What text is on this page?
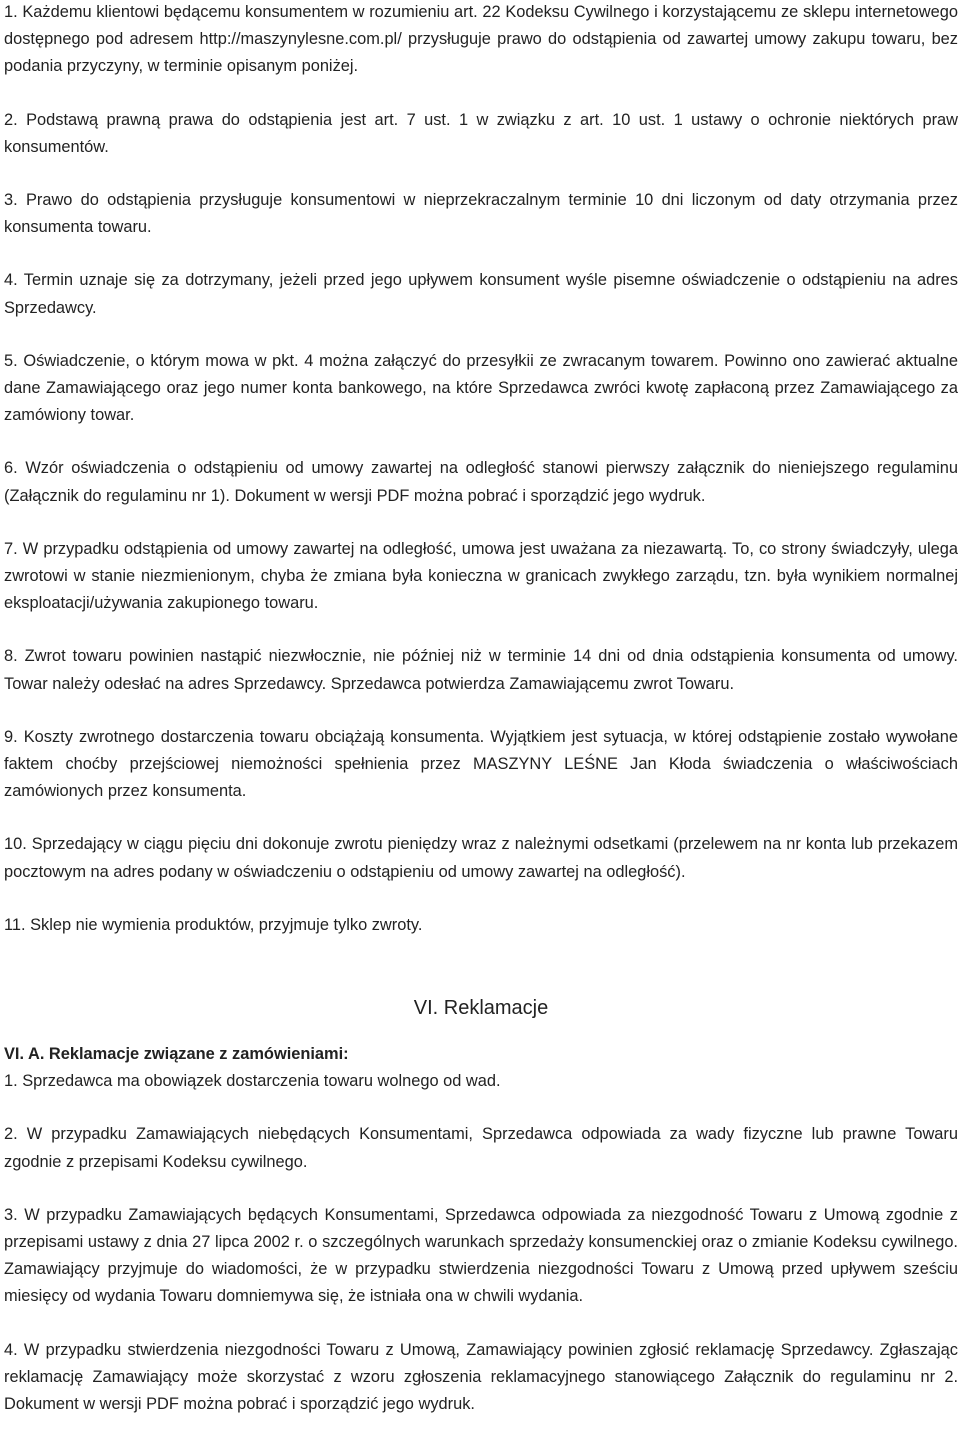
1. Każdemu klientowi będącemu konsumentem w rozumieniu art. 22 Kodeksu Cywilnego i korzystającemu ze sklepu internetowego dostępnego pod adresem http://maszynylesne.com.pl/ przysługuje prawo do odstąpienia od zawartej umowy zakupu towaru, bez podania przyczyny, w terminie opisanym poniżej.

2. Podstawą prawną prawa do odstąpienia jest art. 7 ust. 1 w związku z art. 10 ust. 1 ustawy o ochronie niektórych praw konsumentów.

3. Prawo do odstąpienia przysługuje konsumentowi w nieprzekraczalnym terminie 10 dni liczonym od daty otrzymania przez konsumenta towaru.

4. Termin uznaje się za dotrzymany, jeżeli przed jego upływem konsument wyśle pisemne oświadczenie o odstąpieniu na adres Sprzedawcy.

5. Oświadczenie, o którym mowa w pkt. 4 można załączyć do przesyłkii ze zwracanym towarem. Powinno ono zawierać aktualne dane Zamawiającego oraz jego numer konta bankowego, na które Sprzedawca zwróci kwotę zapłaconą przez Zamawiającego za zamówiony towar.

6. Wzór oświadczenia o odstąpieniu od umowy zawartej na odległość stanowi pierwszy załącznik do nieniejszego regulaminu (Załącznik do regulaminu nr 1). Dokument w wersji PDF można pobrać i sporządzić jego wydruk.

7. W przypadku odstąpienia od umowy zawartej na odległość, umowa jest uważana za niezawartą. To, co strony świadczyły, ulega zwrotowi w stanie niezmienionym, chyba że zmiana była konieczna w granicach zwykłego zarządu, tzn. była wynikiem normalnej eksploatacji/używania zakupionego towaru.

8. Zwrot towaru powinien nastąpić niezwłocznie, nie później niż w terminie 14 dni od dnia odstąpienia konsumenta od umowy. Towar należy odesłać na adres Sprzedawcy. Sprzedawca potwierdza Zamawiającemu zwrot Towaru.

9. Koszty zwrotnego dostarczenia towaru obciążają konsumenta. Wyjątkiem jest sytuacja, w której odstąpienie zostało wywołane faktem choćby przejściowej niemożności spełnienia przez MASZYNY LEŚNE Jan Kłoda świadczenia o właściwościach zamówionych przez konsumenta.

10. Sprzedający w ciągu pięciu dni dokonuje zwrotu pieniędzy wraz z należnymi odsetkami (przelewem na nr konta lub przekazem pocztowym na adres podany w oświadczeniu o odstąpieniu od umowy zawartej na odległość).

11. Sklep nie wymienia produktów, przyjmuje tylko zwroty.

VI. Reklamacje

VI. A. Reklamacje związane z zamówieniami:

1. Sprzedawca ma obowiązek dostarczenia towaru wolnego od wad.

2. W przypadku Zamawiających niebędących Konsumentami, Sprzedawca odpowiada za wady fizyczne lub prawne Towaru zgodnie z przepisami Kodeksu cywilnego.

3. W przypadku Zamawiających będących Konsumentami, Sprzedawca odpowiada za niezgodność Towaru z Umową zgodnie z przepisami ustawy z dnia 27 lipca 2002 r. o szczególnych warunkach sprzedaży konsumenckiej oraz o zmianie Kodeksu cywilnego. Zamawiający przyjmuje do wiadomości, że w przypadku stwierdzenia niezgodności Towaru z Umową przed upływem sześciu miesięcy od wydania Towaru domniemywa się, że istniała ona w chwili wydania.

4. W przypadku stwierdzenia niezgodności Towaru z Umową, Zamawiający powinien zgłosić reklamację Sprzedawcy. Zgłaszając reklamację Zamawiający może skorzystać z wzoru zgłoszenia reklamacyjnego stanowiącego Załącznik do regulaminu nr 2. Dokument w wersji PDF można pobrać i sporządzić jego wydruk.
